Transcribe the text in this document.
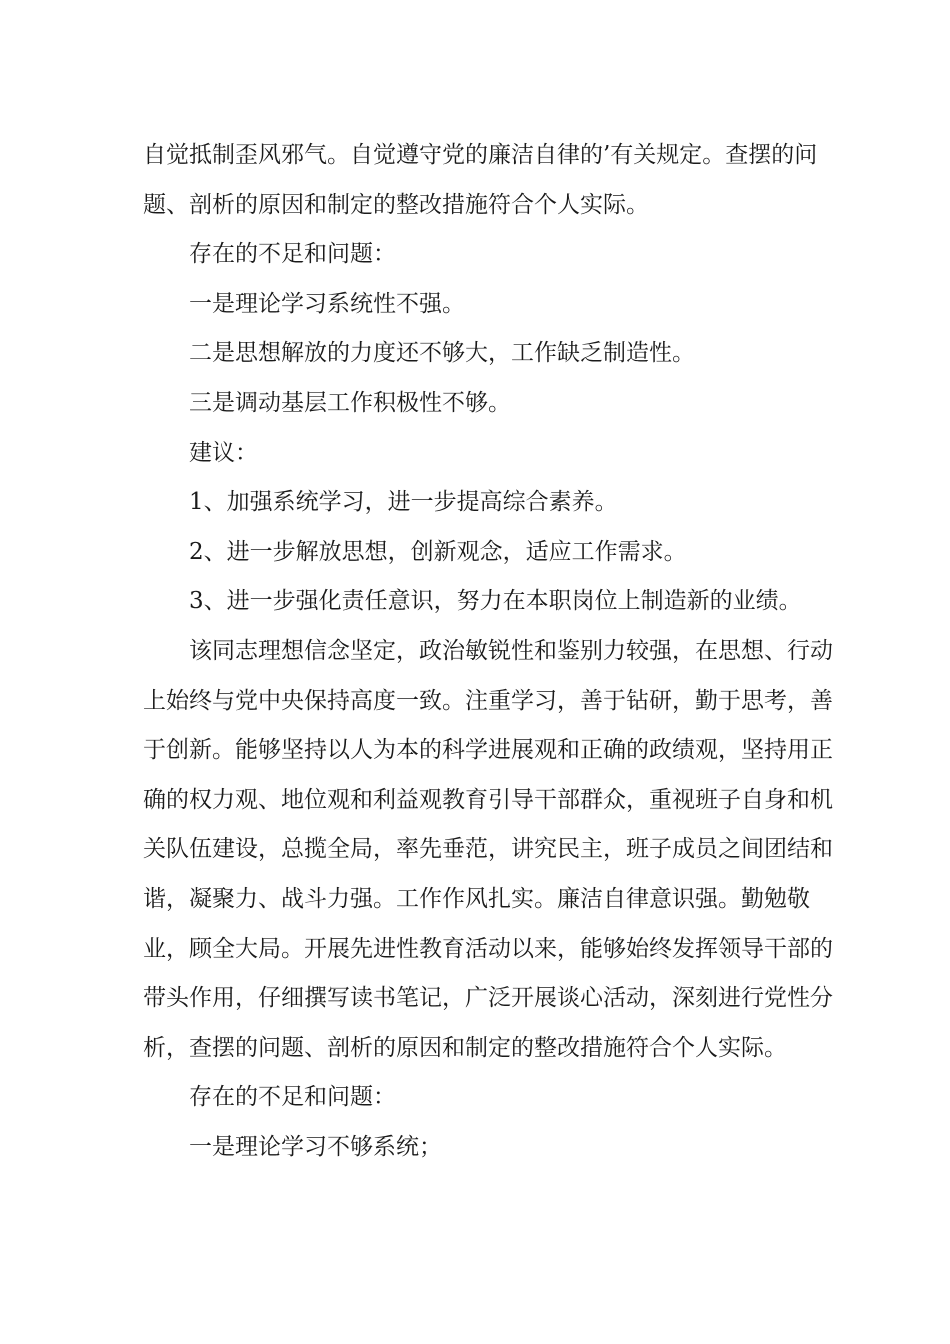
自觉抵制歪风邪气。自觉遵守党的廉洁自律的’有关规定。查摆的问题、剖析的原因和制定的整改措施符合个人实际。

存在的不足和问题：

一是理论学习系统性不强。

二是思想解放的力度还不够大，工作缺乏制造性。

三是调动基层工作积极性不够。

建议：

1、加强系统学习，进一步提高综合素养。

2、进一步解放思想，创新观念，适应工作需求。

3、进一步强化责任意识，努力在本职岗位上制造新的业绩。

该同志理想信念坚定，政治敏锐性和鉴别力较强，在思想、行动上始终与党中央保持高度一致。注重学习，善于钻研，勤于思考，善于创新。能够坚持以人为本的科学进展观和正确的政绩观，坚持用正确的权力观、地位观和利益观教育引导干部群众，重视班子自身和机关队伍建设，总揽全局，率先垂范，讲究民主，班子成员之间团结和谐，凝聚力、战斗力强。工作作风扎实。廉洁自律意识强。勤勉敬业，顾全大局。开展先进性教育活动以来，能够始终发挥领导干部的带头作用，仔细撰写读书笔记，广泛开展谈心活动，深刻进行党性分析，查摆的问题、剖析的原因和制定的整改措施符合个人实际。

存在的不足和问题：

一是理论学习不够系统；
